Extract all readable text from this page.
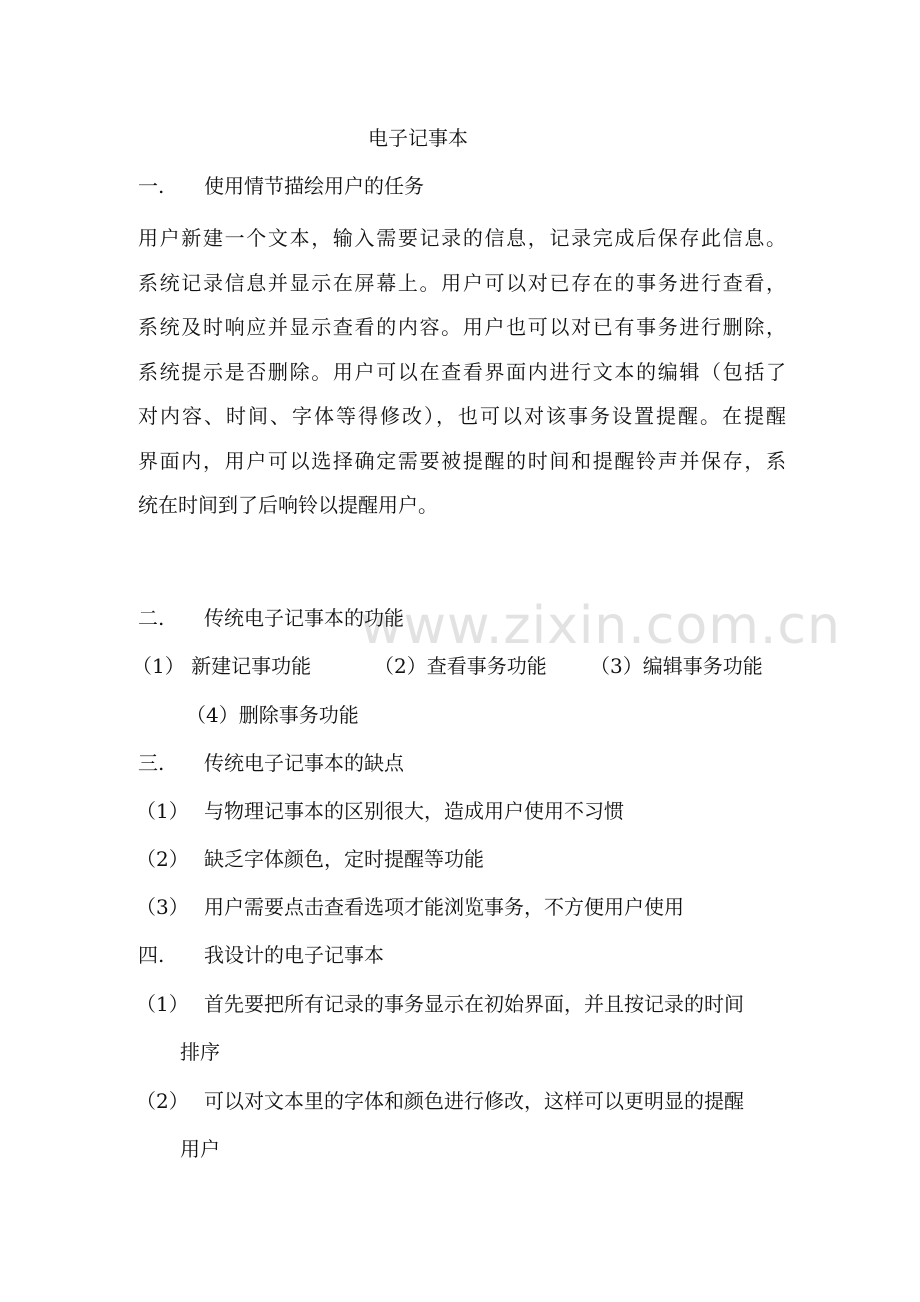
www.zixin.com.cn
电子记事本
一. 使用情节描绘用户的任务
用户新建一个文本，输入需要记录的信息，记录完成后保存此信息。
系统记录信息并显示在屏幕上。用户可以对已存在的事务进行查看，
系统及时响应并显示查看的内容。用户也可以对已有事务进行删除，
系统提示是否删除。用户可以在查看界面内进行文本的编辑（包括了
对内容、时间、字体等得修改），也可以对该事务设置提醒。在提醒
界面内，用户可以选择确定需要被提醒的时间和提醒铃声并保存，系
统在时间到了后响铃以提醒用户。
二. 传统电子记事本的功能
（1） 新建记事功能	（2）查看事务功能 （3）编辑事务功能
（4）删除事务功能
三. 传统电子记事本的缺点
（1） 与物理记事本的区别很大，造成用户使用不习惯
（2） 缺乏字体颜色，定时提醒等功能
（3） 用户需要点击查看选项才能浏览事务，不方便用户使用
四. 我设计的电子记事本
（1） 首先要把所有记录的事务显示在初始界面，并且按记录的时间
排序
（2） 可以对文本里的字体和颜色进行修改，这样可以更明显的提醒
用户
